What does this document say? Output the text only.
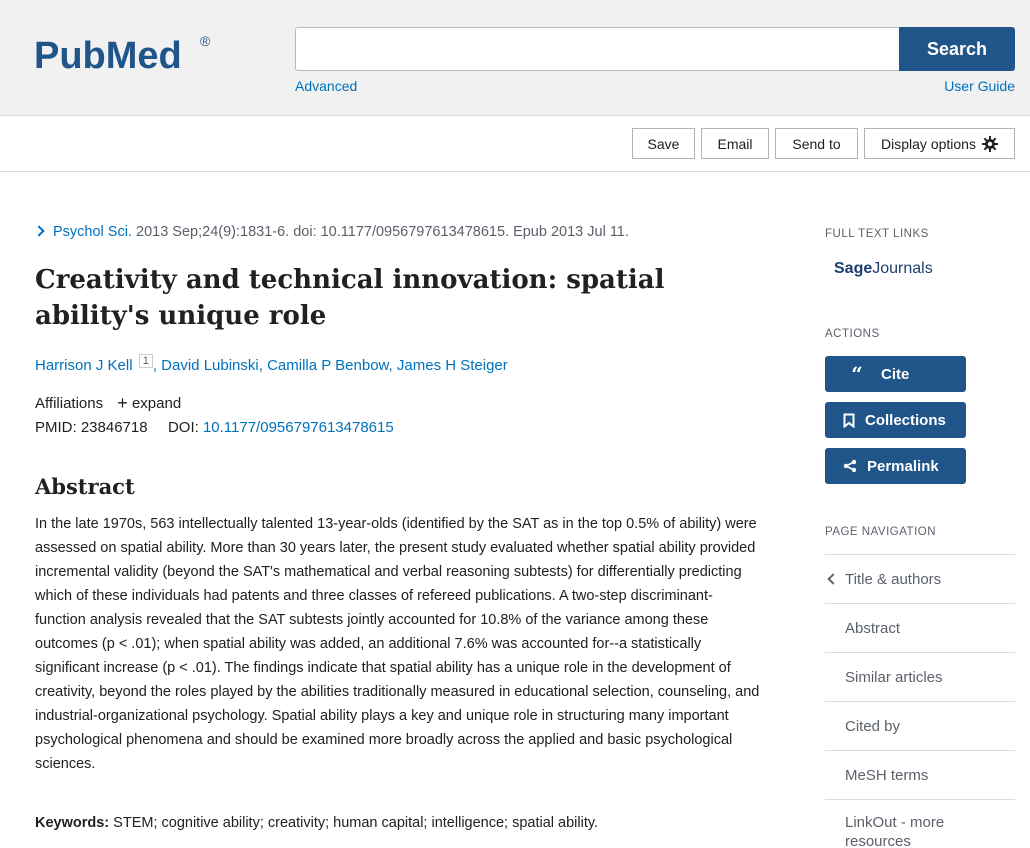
PubMed ®	Search
Advanced	User Guide
Save	Email	Send to	Display options
Psychol Sci. 2013 Sep;24(9):1831-6. doi: 10.1177/0956797613478615. Epub 2013 Jul 11.
Creativity and technical innovation: spatial ability's unique role
Harrison J Kell $^1$ , David Lubinski, Camilla P Benbow, James H Steiger
Affiliations + expand
PMID: 23846718 DOI: 10.1177/0956797613478615
Abstract

In the late 1970s, 563 intellectually talented 13-year-olds (identified by the SAT as in the top 0.5% of ability) were assessed on spatial ability. More than 30 years later, the present study evaluated whether spatial ability provided incremental validity (beyond the SAT's mathematical and verbal reasoning subtests) for differentially predicting which of these individuals had patents and three classes of refereed publications. A two-step discriminant-function analysis revealed that the SAT subtests jointly accounted for 10.8% of the variance among these outcomes (p < .01); when spatial ability was added, an additional 7.6% was accounted for--a statistically significant increase (p < .01). The findings indicate that spatial ability has a unique role in the development of creativity, beyond the roles played by the abilities traditionally measured in educational selection, counseling, and industrial-organizational psychology. Spatial ability plays a key and unique role in structuring many important psychological phenomena and should be examined more broadly across the applied and basic psychological sciences.

Keywords: STEM; cognitive ability; creativity; human capital; intelligence; spatial ability.
FULL TEXT LINKS
SageJournals
ACTIONS
“	Cite
Collections
Permalink
PAGE NAVIGATION
Title & authors
Abstract
Similar articles
Cited by
MeSH terms
LinkOut - more resources
